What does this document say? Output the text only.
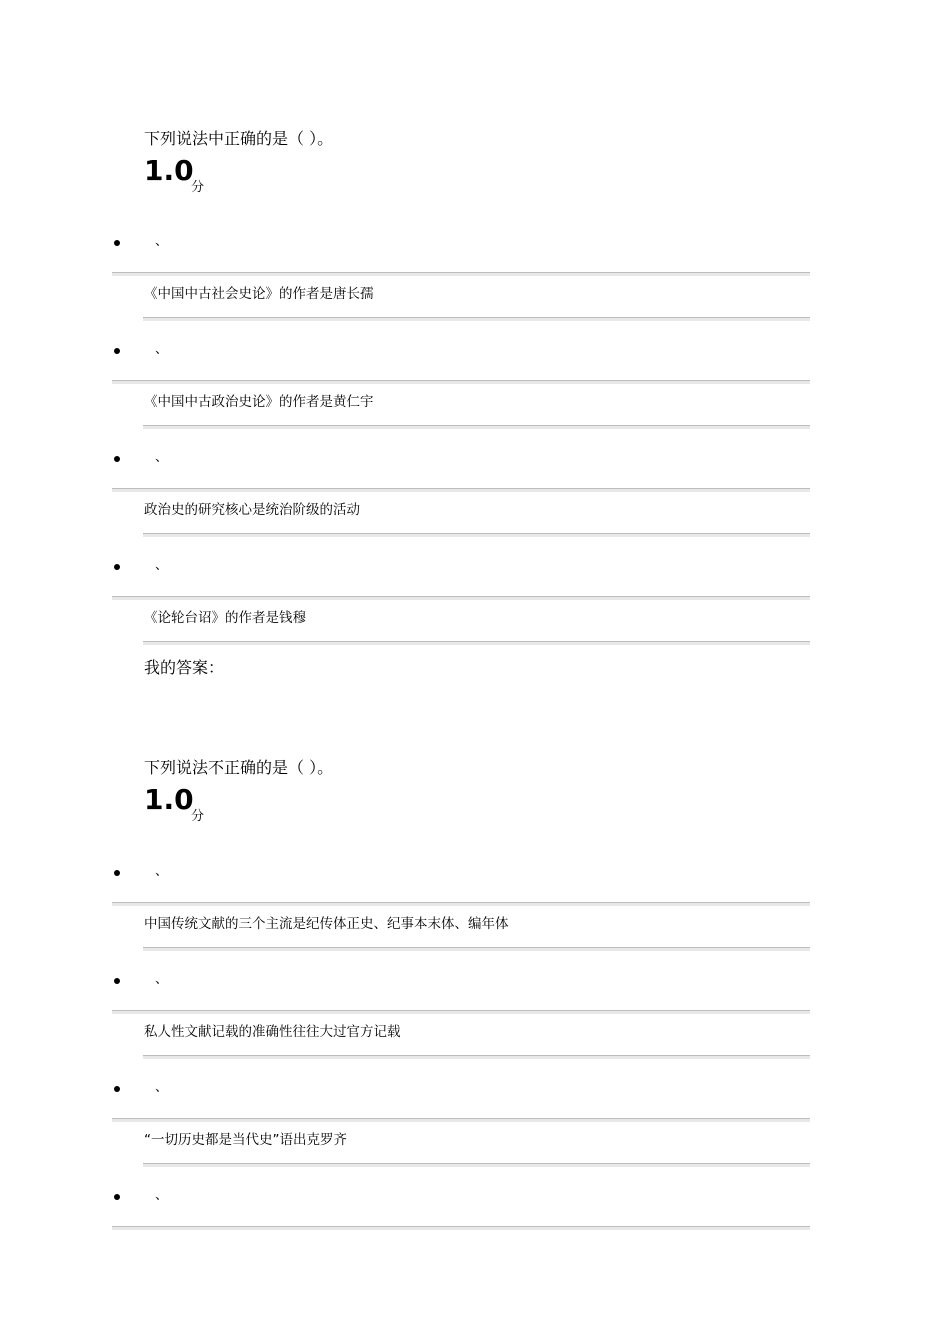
下列说法中正确的是（ ）。
1.0
分
、
《中国中古社会史论》的作者是唐长孺
、
《中国中古政治史论》的作者是黄仁宇
、
政治史的研究核心是统治阶级的活动
、
《论轮台诏》的作者是钱穆
我的答案：
下列说法不正确的是（ ）。
1.0
分
、
中国传统文献的三个主流是纪传体正史、纪事本末体、编年体
、
私人性文献记载的准确性往往大过官方记载
、
“一切历史都是当代史”语出克罗齐
、
